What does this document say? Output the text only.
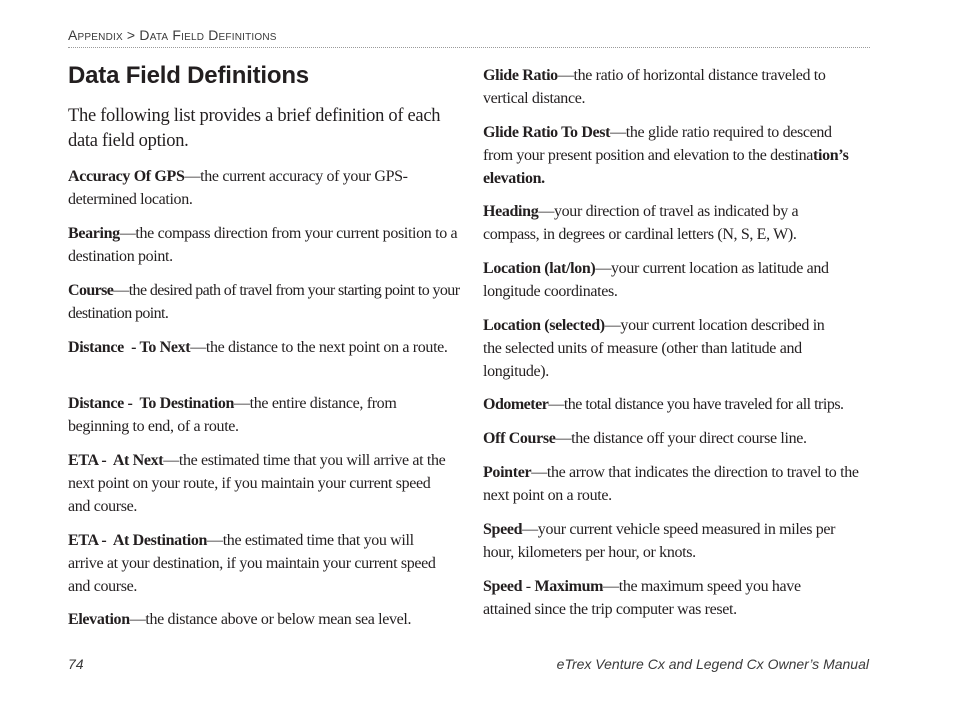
Appendix > Data Field Definitions
Data Field Definitions

The following list provides a brief definition of each data field option.

Accuracy Of GPS—the current accuracy of your GPS-determined location.

Bearing—the compass direction from your current position to a destination point.

Course—the desired path of travel from your starting point to your destination point.

Distance  - To Next—the distance to the next point on a route.

Distance -  To Destination—the entire distance, from beginning to end, of a route.

ETA -  At Next—the estimated time that you will arrive at the next point on your route, if you maintain your current speed and course.

ETA -  At Destination—the estimated time that you will arrive at your destination, if you maintain your current speed and course.

Elevation—the distance above or below mean sea level.

Glide Ratio—the ratio of horizontal distance traveled to vertical distance.

Glide Ratio To Dest—the glide ratio required to descend from your present position and elevation to the destination’s elevation.

Heading—your direction of travel as indicated by a compass, in degrees or cardinal letters (N, S, E, W).

Location (lat/lon)—your current location as latitude and longitude coordinates.

Location (selected)—your current location described in the selected units of measure (other than latitude and longitude).

Odometer—the total distance you have traveled for all trips.

Off Course—the distance off your direct course line.

Pointer—the arrow that indicates the direction to travel to the next point on a route.

Speed—your current vehicle speed measured in miles per hour, kilometers per hour, or knots.

Speed - Maximum—the maximum speed you have attained since the trip computer was reset.

74	eTrex Venture Cx and Legend Cx Owner’s Manual
